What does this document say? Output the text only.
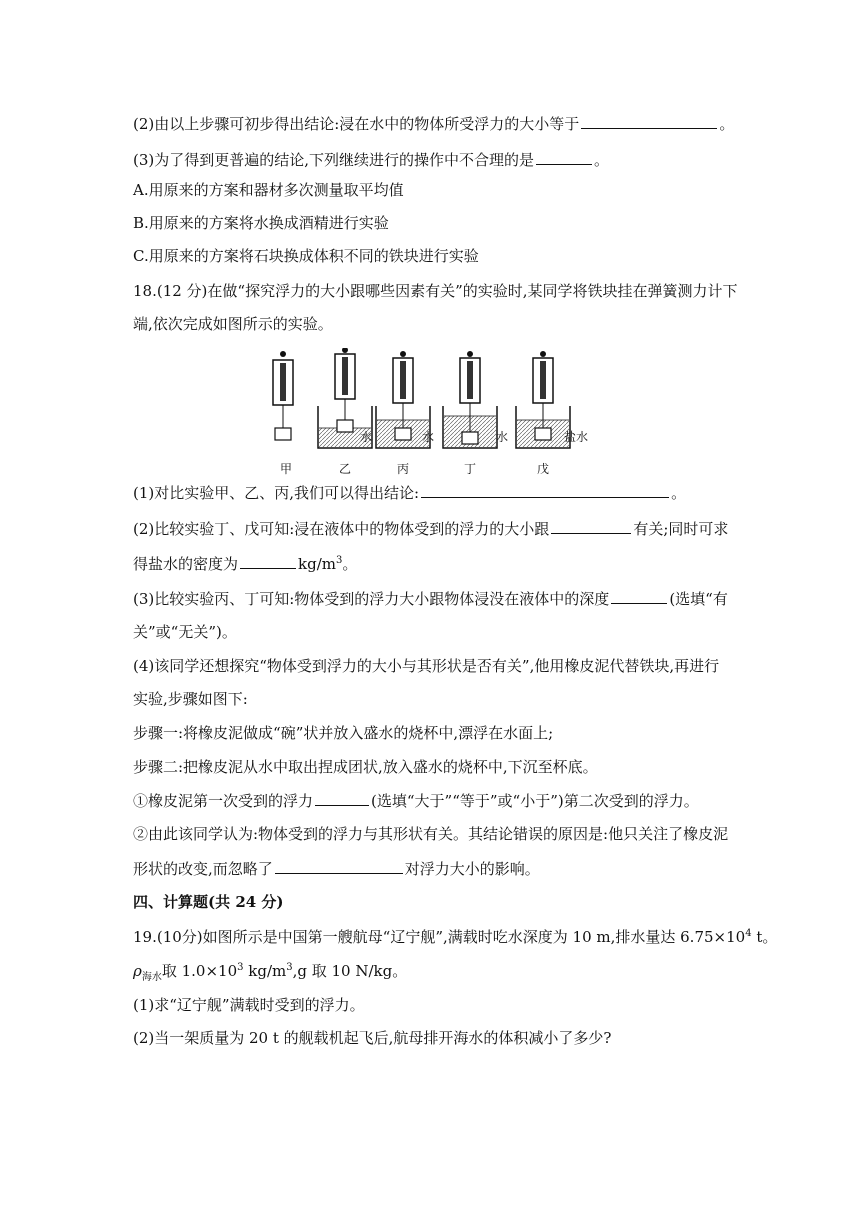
(2)由以上步骤可初步得出结论:浸在水中的物体所受浮力的大小等于	。
(3)为了得到更普遍的结论,下列继续进行的操作中不合理的是	。
A.用原来的方案和器材多次测量取平均值
B.用原来的方案将水换成酒精进行实验
C.用原来的方案将石块换成体积不同的铁块进行实验
18.(12 分)在做“探究浮力的大小跟哪些因素有关”的实验时,某同学将铁块挂在弹簧测力计下
端,依次完成如图所示的实验。
甲	乙	丙	丁	戊
水	水	水	盐水
(1)对比实验甲、乙、丙,我们可以得出结论:	。
(2)比较实验丁、戊可知:浸在液体中的物体受到的浮力的大小跟	有关;同时可求
得盐水的密度为	$kg/m^3$。
(3)比较实验丙、丁可知:物体受到的浮力大小跟物体浸没在液体中的深度	(选填“有
关”或“无关”)。
(4)该同学还想探究“物体受到浮力的大小与其形状是否有关”,他用橡皮泥代替铁块,再进行
实验,步骤如图下:
步骤一:将橡皮泥做成“碗”状并放入盛水的烧杯中,漂浮在水面上;
步骤二:把橡皮泥从水中取出捏成团状,放入盛水的烧杯中,下沉至杯底。
①橡皮泥第一次受到的浮力	(选填“大于”“等于”或“小于”)第二次受到的浮力。
②由此该同学认为:物体受到的浮力与其形状有关。其结论错误的原因是:他只关注了橡皮泥
形状的改变,而忽略了	对浮力大小的影响。
四、计算题(共 24 分)
19.(10分)如图所示是中国第一艘航母“辽宁舰”,满载时吃水深度为 10 m,排水量达 $6.75\times 10^4$ t。
$\rho_{海水}$取 $1.0\times 10^3$ $kg/m^3,g$ 取 10 N/kg。
(1)求“辽宁舰”满载时受到的浮力。
(2)当一架质量为 20 t 的舰载机起飞后,航母排开海水的体积减小了多少?
